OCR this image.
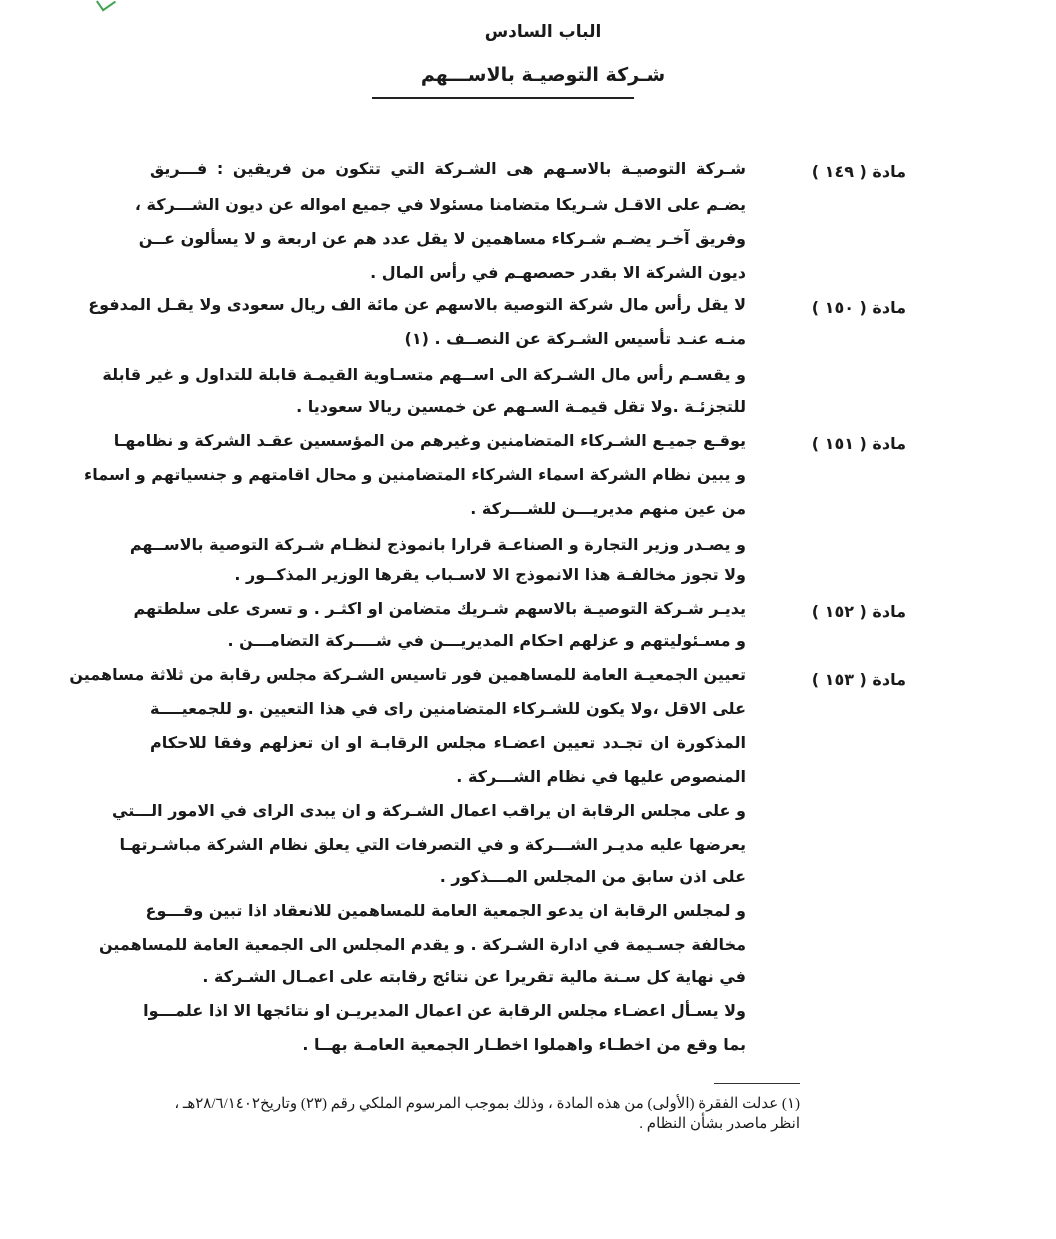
الباب السادس
شـركة التوصيـة بالاســـهم
مادة ( ١٤٩ )
شـركة التوصيـة بالاسـهم هى الشـركة التي تتكون من فريقين : فـــريق
يضـم على الاقـل شـريكا متضامنا مسئولا في جميع امواله عن ديون الشـــركة ،
وفريق آخـر يضـم شـركاء مساهمين لا يقل عدد هم عن اربعة و لا يسألون عــن
ديون الشركة الا بقدر حصصهـم في رأس المال .
مادة ( ١٥٠ )
لا يقل رأس مال شركة التوصية بالاسهم عن مائة الف ريال سعودى ولا يقـل المدفوع
منـه عنـد تأسيس الشـركة عن النصــف . (١)
و يقسـم رأس مال الشـركة الى اســهم متسـاوية القيمـة قابلة للتداول و غير قابلة
للتجزئـة .ولا تقل قيمـة السـهم عن خمسين ريالا سعوديا .
مادة ( ١٥١ )
يوقـع جميـع الشـركاء المتضامنين وغيرهم من المؤسسين عقـد الشركة و نظامهـا
و يبين نظام الشركة اسماء الشركاء المتضامنين و محال اقامتهم و جنسياتهم و اسماء
من عين منهم مديريـــن للشـــركة .
و يصـدر وزير التجارة و الصناعـة قرارا بانموذج لنظـام شـركة التوصية بالاســهم
ولا تجوز مخالفـة هذا الانموذج الا لاسـباب يقرها الوزير المذكــور .
مادة ( ١٥٢ )
يديـر شـركة التوصيـة بالاسهم شـريك متضامن او اكثـر . و تسرى على سلطتهم
و مسـئوليتهم و عزلهم احكام المديريـــن في شــــركة التضامـــن .
مادة ( ١٥٣ )
تعيين الجمعيـة العامة للمساهمين فور تاسيس الشـركة مجلس رقابة من ثلاثة مساهمين
على الاقل ،ولا يكون للشـركاء المتضامنين راى في هذا التعيين .و للجمعيــــة
المذكورة ان تجـدد تعيين اعضـاء مجلس الرقابـة او ان تعزلهم وفقا للاحكام
المنصوص عليها في نظام الشـــركة .
و على مجلس الرقابة ان يراقب اعمال الشـركة و ان يبدى الراى في الامور الـــتي
يعرضها عليه مديـر الشـــركة و في التصرفات التي يعلق نظام الشركة مباشـرتهـا
على اذن سابق من المجلس المـــذكور .
و لمجلس الرقابة ان يدعو الجمعية العامة للمساهمين للانعقاد اذا تبين وقـــوع
مخالفة جسـيمة في ادارة الشـركة . و يقدم المجلس الى الجمعية العامة للمساهمين
في نهاية كل سـنة مالية تقريرا عن نتائج رقابته على اعمـال الشـركة .
ولا يسـأل اعضـاء مجلس الرقابة عن اعمال المديريـن او نتائجها الا اذا علمـــوا
بما وقع من اخطـاء واهملوا اخطـار الجمعية العامـة بهــا .
(١) عدلت الفقرة (الأولى) من هذه المادة ، وذلك بموجب المرسوم الملكي رقم (٢٣) وتاريخ٢٨/٦/١٤٠٢هـ ،
انظر ماصدر بشأن النظام .
